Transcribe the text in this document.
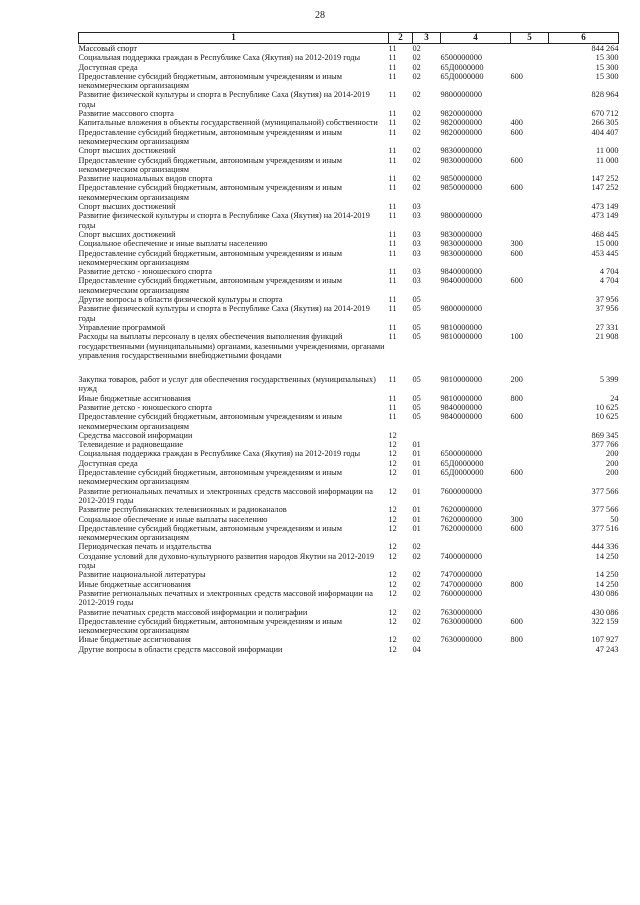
28
1	2	3	4	5	6
Массовый спорт	11	02			844 264
Социальная поддержка граждан в Республике Саха (Якутия) на 2012-2019 годы	11	02	6500000000		15 300
Доступная среда	11	02	65Д0000000		15 300
Предоставление субсидий бюджетным, автономным учреждениям и иным некоммерческим организациям	11	02	65Д0000000	600	15 300
Развитие физической культуры и спорта в Республике Саха (Якутия) на 2014-2019 годы	11	02	9800000000		828 964
Развитие массового спорта	11	02	9820000000		670 712
Капитальные вложения в объекты государственной (муниципальной) собственности	11	02	9820000000	400	266 305
Предоставление субсидий бюджетным, автономным учреждениям и иным некоммерческим организациям	11	02	9820000000	600	404 407
Спорт высших достижений	11	02	9830000000		11 000
Предоставление субсидий бюджетным, автономным учреждениям и иным некоммерческим организациям	11	02	9830000000	600	11 000
Развитие национальных видов спорта	11	02	9850000000		147 252
Предоставление субсидий бюджетным, автономным учреждениям и иным некоммерческим организациям	11	02	9850000000	600	147 252
Спорт высших достижений	11	03			473 149
Развитие физической культуры и спорта в Республике Саха (Якутия) на 2014-2019 годы	11	03	9800000000		473 149
Спорт высших достижений	11	03	9830000000		468 445
Социальное обеспечение и иные выплаты населению	11	03	9830000000	300	15 000
Предоставление субсидий бюджетным, автономным учреждениям и иным некоммерческим организациям	11	03	9830000000	600	453 445
Развитие детско - юношеского спорта	11	03	9840000000		4 704
Предоставление субсидий бюджетным, автономным учреждениям и иным некоммерческим организациям	11	03	9840000000	600	4 704
Другие вопросы в области физической культуры и спорта	11	05			37 956
Развитие физической культуры и спорта в Республике Саха (Якутия) на 2014-2019 годы	11	05	9800000000		37 956
Управление программой	11	05	9810000000		27 331
Расходы на выплаты персоналу в целях обеспечения выполнения функций государственными (муниципальными) органами, казенными учреждениями, органами управления государственными внебюджетными фондами	11	05	9810000000	100	21 908

Закупка товаров, работ и услуг для обеспечения государственных (муниципальных) нужд	11	05	9810000000	200	5 399
Иные бюджетные ассигнования	11	05	9810000000	800	24
Развитие детско - юношеского спорта	11	05	9840000000		10 625
Предоставление субсидий бюджетным, автономным учреждениям и иным некоммерческим организациям	11	05	9840000000	600	10 625
Средства массовой информации	12				869 345
Телевидение и радиовещание	12	01			377 766
Социальная поддержка граждан в Республике Саха (Якутия) на 2012-2019 годы	12	01	6500000000		200
Доступная среда	12	01	65Д0000000		200
Предоставление субсидий бюджетным, автономным учреждениям и иным некоммерческим организациям	12	01	65Д0000000	600	200
Развитие региональных печатных и электронных средств массовой информации на 2012-2019 годы	12	01	7600000000		377 566
Развитие республиканских телевизионных и радиоканалов	12	01	7620000000		377 566
Социальное обеспечение и иные выплаты населению	12	01	7620000000	300	50
Предоставление субсидий бюджетным, автономным учреждениям и иным некоммерческим организациям	12	01	7620000000	600	377 516
Периодическая печать и издательства	12	02			444 336
Создание условий для духовно-культурного развития народов Якутии на 2012-2019 годы	12	02	7400000000		14 250
Развитие национальной литературы	12	02	7470000000		14 250
Иные бюджетные ассигнования	12	02	7470000000	800	14 250
Развитие региональных печатных и электронных средств массовой информации на 2012-2019 годы	12	02	7600000000		430 086
Развитие печатных средств массовой информации и полиграфии	12	02	7630000000		430 086
Предоставление субсидий бюджетным, автономным учреждениям и иным некоммерческим организациям	12	02	7630000000	600	322 159
Иные бюджетные ассигнования	12	02	7630000000	800	107 927
Другие вопросы в области средств массовой информации	12	04			47 243
